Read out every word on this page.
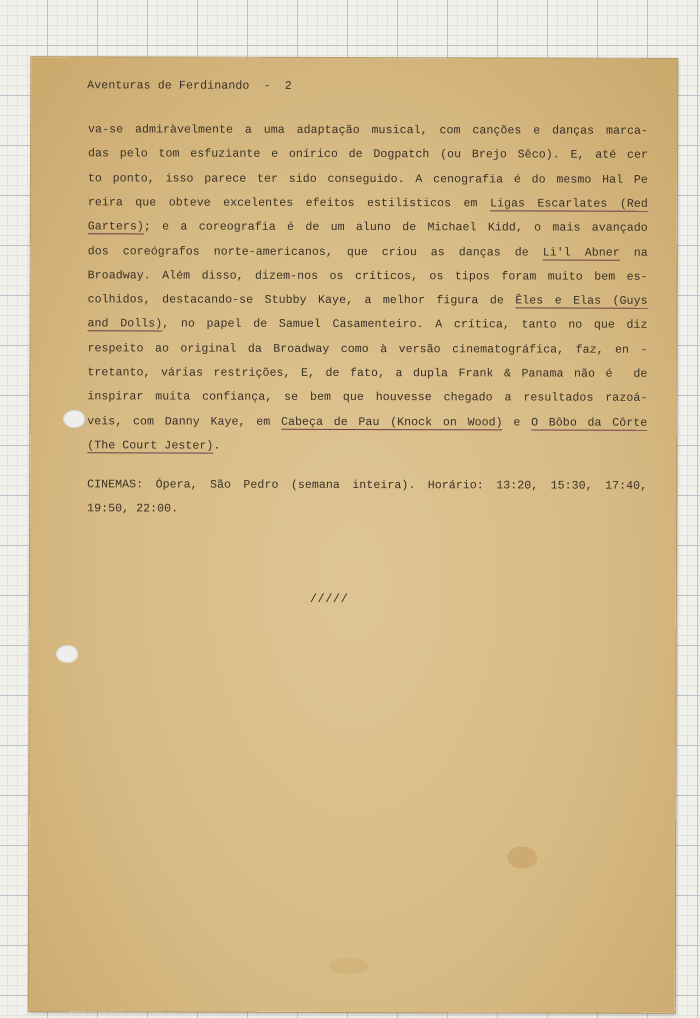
Aventuras de Ferdinando  -  2
va-se admiràvelmente a uma adaptação musical, com canções e danças marca-
das pelo tom esfuziante e onírico de Dogpatch (ou Brejo Sêco). E, até cer
to ponto, isso parece ter sido conseguido. A cenografia é do mesmo Hal Pe
reira que obteve excelentes efeitos estilísticos em Ligas Escarlates (Red
Garters); e a coreografia é de um aluno de Michael Kidd, o mais avançado
dos coreógrafos norte-americanos, que criou as danças de Li'l Abner na
Broadway. Além disso, dizem-nos os críticos, os tipos foram muito bem es-
colhidos, destacando-se Stubby Kaye, a melhor figura de Êles e Elas (Guys
and Dolls), no papel de Samuel Casamenteiro. A crítica, tanto no que diz
respeito ao original da Broadway como à versão cinematográfica, faz, en -
tretanto, várias restrições, E, de fato, a dupla Frank & Panama não é  de
inspirar muita confiança, se bem que houvesse chegado a resultados razoá-
veis, com Danny Kaye, em Cabeça de Pau (Knock on Wood) e O Bôbo da Côrte
(The Court Jester).
CINEMAS: Ópera, São Pedro (semana inteira). Horário: 13:20, 15:30, 17:40,
19:50, 22:00.
/////
